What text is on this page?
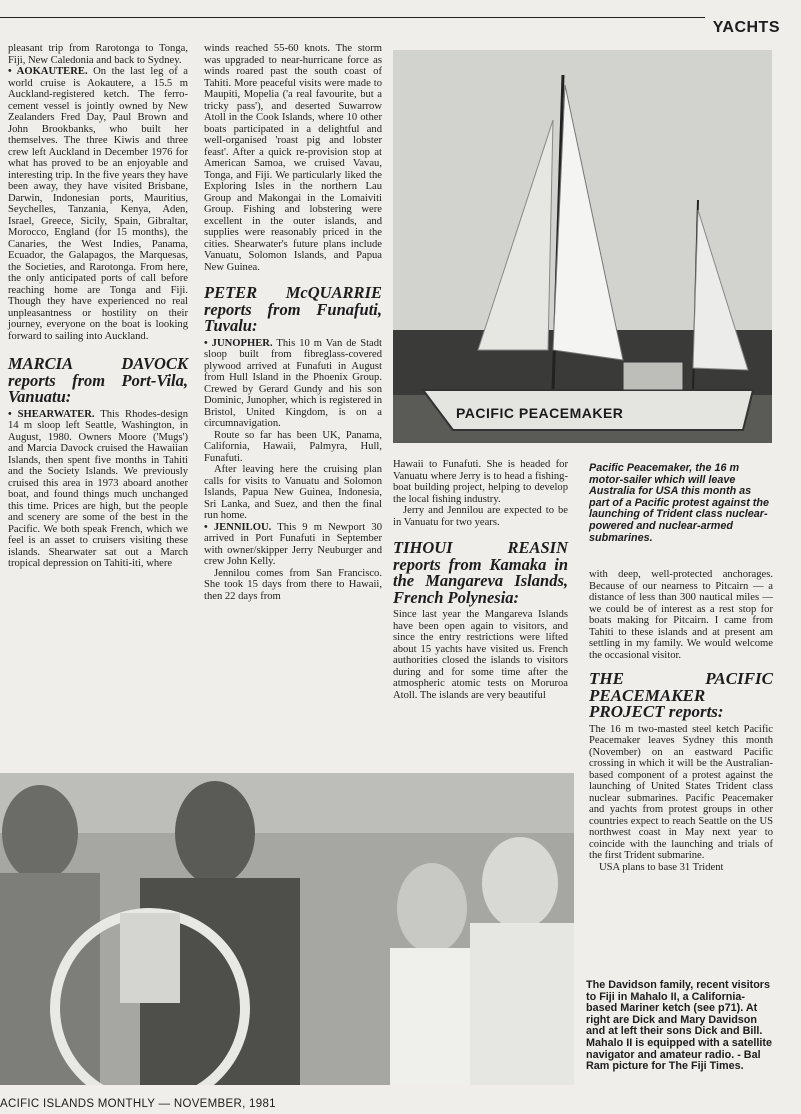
YACHTS

pleasant trip from Rarotonga to Tonga, Fiji, New Caledonia and back to Sydney.

• AOKAUTERE. On the last leg of a world cruise is Aokautere, a 15.5 m Auckland-registered ketch. The ferro-cement vessel is jointly owned by New Zealanders Fred Day, Paul Brown and John Brookbanks, who built her themselves. The three Kiwis and three crew left Auckland in December 1976 for what has proved to be an enjoyable and interesting trip. In the five years they have been away, they have visited Brisbane, Darwin, Indonesian ports, Mauritius, Seychelles, Tanzania, Kenya, Aden, Israel, Greece, Sicily, Spain, Gibraltar, Morocco, England (for 15 months), the Canaries, the West Indies, Panama, Ecuador, the Galapagos, the Marquesas, the Societies, and Rarotonga. From here, the only anticipated ports of call before reaching home are Tonga and Fiji. Though they have experienced no real unpleasantness or hostility on their journey, everyone on the boat is looking forward to sailing into Auckland.

MARCIA DAVOCK reports from Port-Vila, Vanuatu:

• SHEARWATER. This Rhodes-design 14 m sloop left Seattle, Washington, in August, 1980. Owners Moore ('Mugs') and Marcia Davock cruised the Hawaiian Islands, then spent five months in Tahiti and the Society Islands. We previously cruised this area in 1973 aboard another boat, and found things much unchanged this time. Prices are high, but the people and scenery are some of the best in the Pacific. We both speak French, which we feel is an asset to cruisers visiting these islands. Shearwater sat out a March tropical depression on Tahiti-iti, where

winds reached 55-60 knots. The storm was upgraded to near-hurricane force as winds roared past the south coast of Tahiti. More peaceful visits were made to Maupiti, Mopelia ('a real favourite, but a tricky pass'), and deserted Suwarrow Atoll in the Cook Islands, where 10 other boats participated in a delightful and well-organised 'roast pig and lobster feast'. After a quick re-provision stop at American Samoa, we cruised Vavau, Tonga, and Fiji. We particularly liked the Exploring Isles in the northern Lau Group and Makongai in the Lomaiviti Group. Fishing and lobstering were excellent in the outer islands, and supplies were reasonably priced in the cities. Shearwater's future plans include Vanuatu, Solomon Islands, and Papua New Guinea.

PETER McQUARRIE reports from Funafuti, Tuvalu:

• JUNOPHER. This 10 m Van de Stadt sloop built from fibreglass-covered plywood arrived at Funafuti in August from Hull Island in the Phoenix Group. Crewed by Gerard Gundy and his son Dominic, Junopher, which is registered in Bristol, United Kingdom, is on a circumnavigation.

Route so far has been UK, Panama, California, Hawaii, Palmyra, Hull, Funafuti.

After leaving here the cruising plan calls for visits to Vanuatu and Solomon Islands, Papua New Guinea, Indonesia, Sri Lanka, and Suez, and then the final run home.

• JENNILOU. This 9 m Newport 30 arrived in Port Funafuti in September with owner/skipper Jerry Neuburger and crew John Kelly.

Jennilou comes from San Francisco. She took 15 days from there to Hawaii, then 22 days from

PACIFIC PEACEMAKER

Hawaii to Funafuti. She is headed for Vanuatu where Jerry is to head a fishing-boat building project, helping to develop the local fishing industry.

Jerry and Jennilou are expected to be in Vanuatu for two years.

TIHOUI REASIN reports from Kamaka in the Mangareva Islands, French Polynesia:

Since last year the Mangareva Islands have been open again to visitors, and since the entry restrictions were lifted about 15 yachts have visited us. French authorities closed the islands to visitors during and for some time after the atmospheric atomic tests on Moruroa Atoll. The islands are very beautiful

Pacific Peacemaker, the 16 m motor-sailer which will leave Australia for USA this month as part of a Pacific protest against the launching of Trident class nuclear-powered and nuclear-armed submarines.

with deep, well-protected anchorages. Because of our nearness to Pitcairn — a distance of less than 300 nautical miles — we could be of interest as a rest stop for boats making for Pitcairn. I came from Tahiti to these islands and at present am settling in my family. We would welcome the occasional visitor.

THE PACIFIC PEACEMAKER PROJECT reports:

The 16 m two-masted steel ketch Pacific Peacemaker leaves Sydney this month (November) on an eastward Pacific crossing in which it will be the Australian-based component of a protest against the launching of United States Trident class nuclear submarines. Pacific Peacemaker and yachts from protest groups in other countries expect to reach Seattle on the US northwest coast in May next year to coincide with the launching and trials of the first Trident submarine.

USA plans to base 31 Trident

The Davidson family, recent visitors to Fiji in Mahalo II, a California-based Mariner ketch (see p71). At right are Dick and Mary Davidson and at left their sons Dick and Bill. Mahalo II is equipped with a satellite navigator and amateur radio. - Bal Ram picture for The Fiji Times.
ACIFIC ISLANDS MONTHLY — NOVEMBER, 1981
